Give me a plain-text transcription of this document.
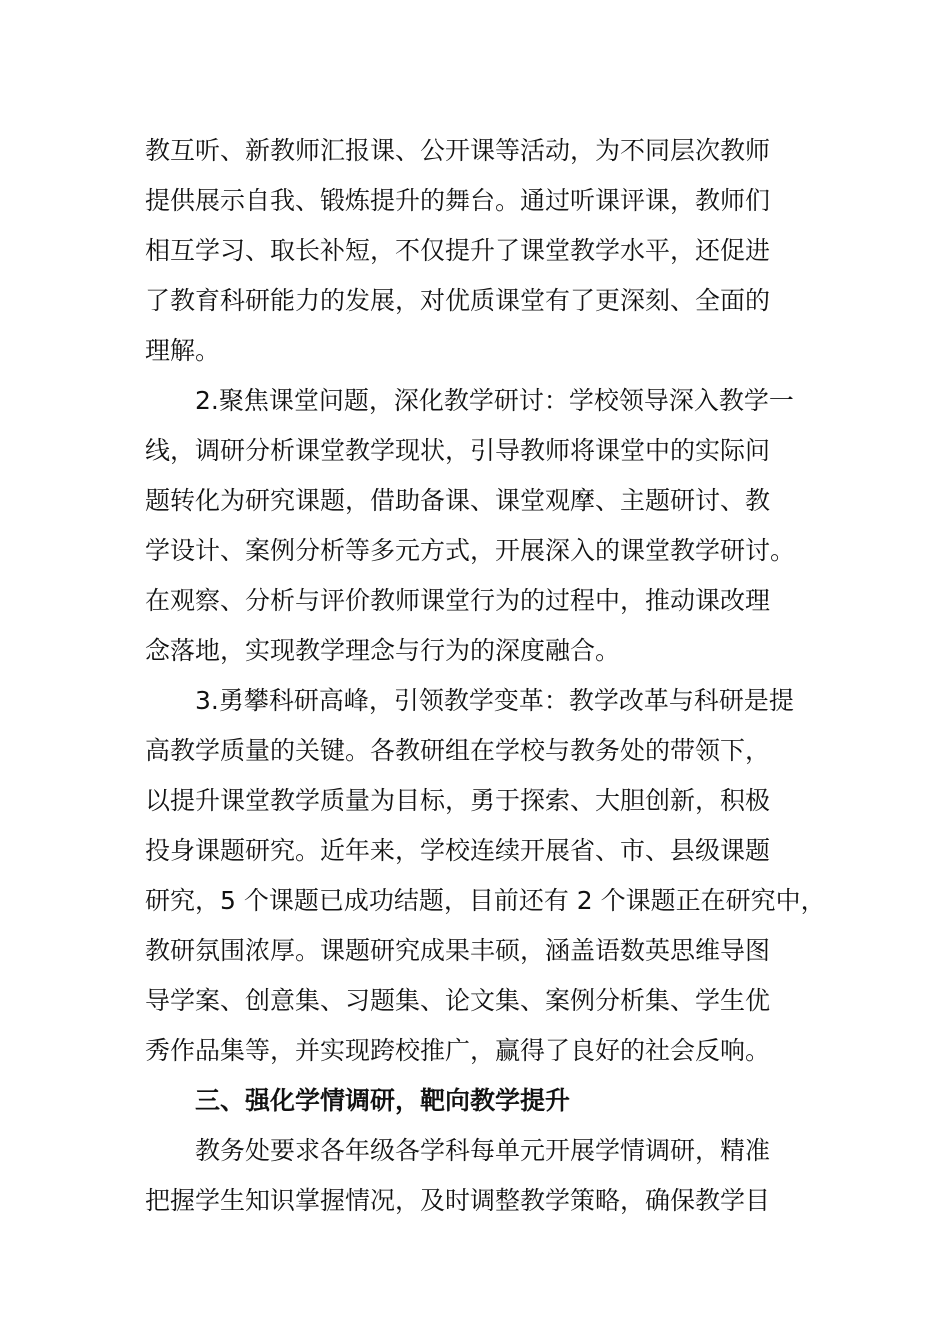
教互听、新教师汇报课、公开课等活动，为不同层次教师
提供展示自我、锻炼提升的舞台。通过听课评课，教师们
相互学习、取长补短，不仅提升了课堂教学水平，还促进
了教育科研能力的发展，对优质课堂有了更深刻、全面的
理解。
2.聚焦课堂问题，深化教学研讨：学校领导深入教学一
线，调研分析课堂教学现状，引导教师将课堂中的实际问
题转化为研究课题，借助备课、课堂观摩、主题研讨、教
学设计、案例分析等多元方式，开展深入的课堂教学研讨。
在观察、分析与评价教师课堂行为的过程中，推动课改理
念落地，实现教学理念与行为的深度融合。
3.勇攀科研高峰，引领教学变革：教学改革与科研是提
高教学质量的关键。各教研组在学校与教务处的带领下，
以提升课堂教学质量为目标，勇于探索、大胆创新，积极
投身课题研究。近年来，学校连续开展省、市、县级课题
研究，5 个课题已成功结题，目前还有 2 个课题正在研究中，
教研氛围浓厚。课题研究成果丰硕，涵盖语数英思维导图
导学案、创意集、习题集、论文集、案例分析集、学生优
秀作品集等，并实现跨校推广，赢得了良好的社会反响。
三、强化学情调研，靶向教学提升
教务处要求各年级各学科每单元开展学情调研，精准
把握学生知识掌握情况，及时调整教学策略，确保教学目
